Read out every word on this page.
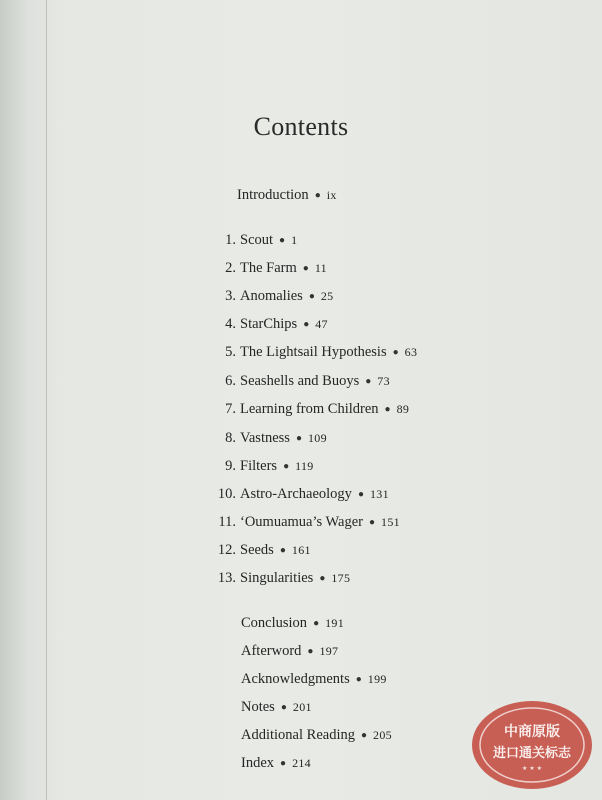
Contents
Introduction ● ix
1. Scout ● 1
2. The Farm ● 11
3. Anomalies ● 25
4. StarChips ● 47
5. The Lightsail Hypothesis ● 63
6. Seashells and Buoys ● 73
7. Learning from Children ● 89
8. Vastness ● 109
9. Filters ● 119
10. Astro-Archaeology ● 131
11. ‘Oumuamua’s Wager ● 151
12. Seeds ● 161
13. Singularities ● 175
Conclusion ● 191
Afterword ● 197
Acknowledgments ● 199
Notes ● 201
Additional Reading ● 205
Index ● 214
中商原版
进口通关标志
★ ★ ★
